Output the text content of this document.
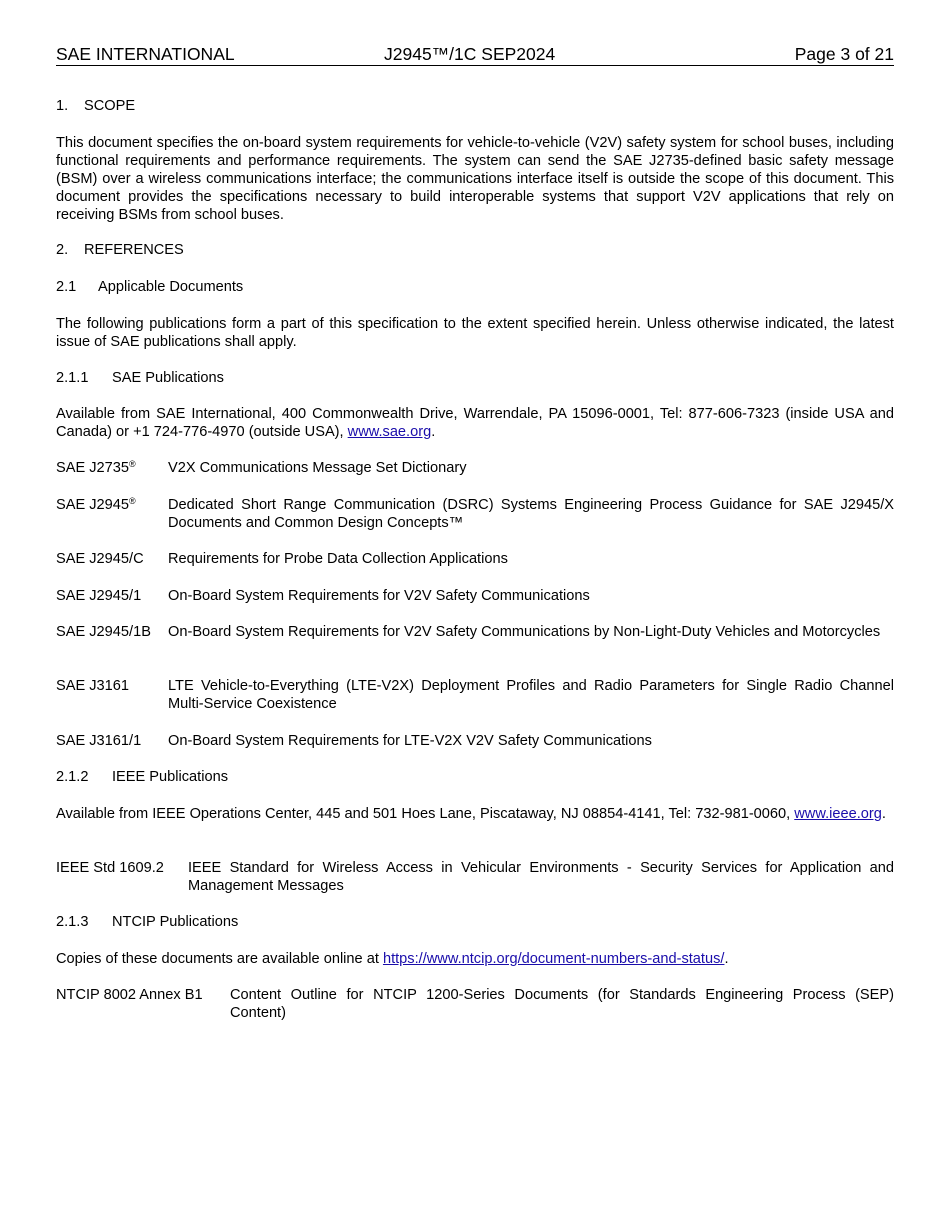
SAE INTERNATIONAL	J2945™/1C SEP2024	Page 3 of 21
1. SCOPE
This document specifies the on-board system requirements for vehicle-to-vehicle (V2V) safety system for school buses, including functional requirements and performance requirements. The system can send the SAE J2735-defined basic safety message (BSM) over a wireless communications interface; the communications interface itself is outside the scope of this document. This document provides the specifications necessary to build interoperable systems that support V2V applications that rely on receiving BSMs from school buses.
2. REFERENCES
2.1 Applicable Documents
The following publications form a part of this specification to the extent specified herein. Unless otherwise indicated, the latest issue of SAE publications shall apply.
2.1.1 SAE Publications
Available from SAE International, 400 Commonwealth Drive, Warrendale, PA 15096-0001, Tel: 877-606-7323 (inside USA and Canada) or +1 724-776-4970 (outside USA), www.sae.org.
SAE J2735®	V2X Communications Message Set Dictionary
SAE J2945®	Dedicated Short Range Communication (DSRC) Systems Engineering Process Guidance for SAE J2945/X Documents and Common Design Concepts™
SAE J2945/C	Requirements for Probe Data Collection Applications
SAE J2945/1	On-Board System Requirements for V2V Safety Communications
SAE J2945/1B	On-Board System Requirements for V2V Safety Communications by Non-Light-Duty Vehicles and Motorcycles
SAE J3161	LTE Vehicle-to-Everything (LTE-V2X) Deployment Profiles and Radio Parameters for Single Radio Channel Multi-Service Coexistence
SAE J3161/1	On-Board System Requirements for LTE-V2X V2V Safety Communications
2.1.2 IEEE Publications
Available from IEEE Operations Center, 445 and 501 Hoes Lane, Piscataway, NJ 08854-4141, Tel: 732-981-0060, www.ieee.org.
IEEE Std 1609.2	IEEE Standard for Wireless Access in Vehicular Environments - Security Services for Application and Management Messages
2.1.3 NTCIP Publications
Copies of these documents are available online at https://www.ntcip.org/document-numbers-and-status/.
NTCIP 8002 Annex B1	Content Outline for NTCIP 1200-Series Documents (for Standards Engineering Process (SEP) Content)
